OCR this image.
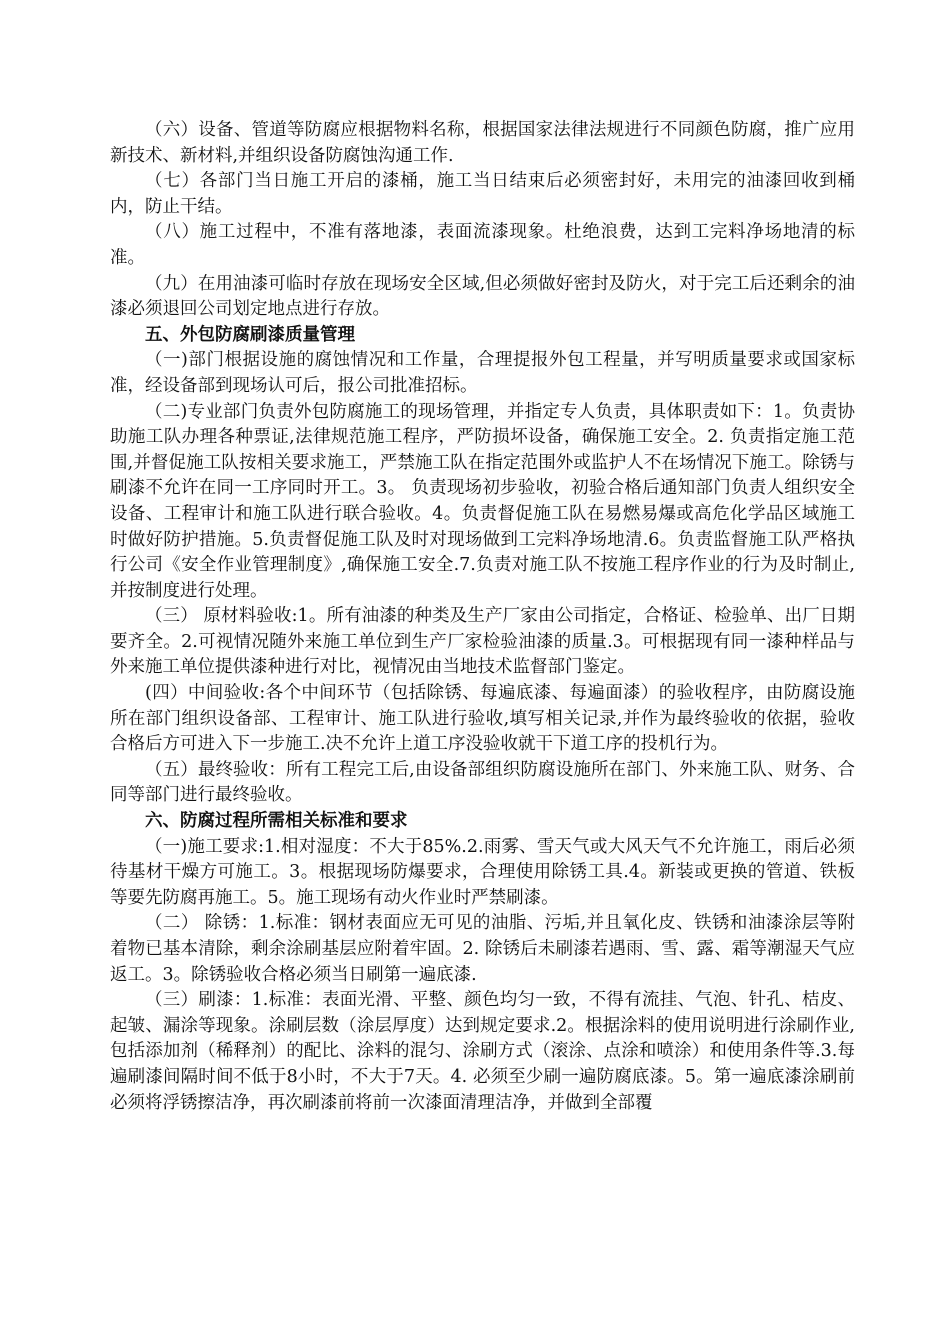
（六）设备、管道等防腐应根据物料名称，根据国家法律法规进行不同颜色防腐，推广应用新技术、新材料,并组织设备防腐蚀沟通工作.

（七）各部门当日施工开启的漆桶，施工当日结束后必须密封好，未用完的油漆回收到桶内，防止干结。

（八）施工过程中，不准有落地漆，表面流漆现象。杜绝浪费，达到工完料净场地清的标准。

（九）在用油漆可临时存放在现场安全区域,但必须做好密封及防火，对于完工后还剩余的油漆必须退回公司划定地点进行存放。

五、外包防腐刷漆质量管理

（一)部门根据设施的腐蚀情况和工作量，合理提报外包工程量，并写明质量要求或国家标准，经设备部到现场认可后，报公司批准招标。

（二)专业部门负责外包防腐施工的现场管理，并指定专人负责，具体职责如下：1。负责协助施工队办理各种票证,法律规范施工程序，严防损坏设备，确保施工安全。2. 负责指定施工范围,并督促施工队按相关要求施工，严禁施工队在指定范围外或监护人不在场情况下施工。除锈与刷漆不允许在同一工序同时开工。3。 负责现场初步验收，初验合格后通知部门负责人组织安全设备、工程审计和施工队进行联合验收。4。负责督促施工队在易燃易爆或高危化学品区域施工时做好防护措施。5.负责督促施工队及时对现场做到工完料净场地清.6。负责监督施工队严格执行公司《安全作业管理制度》,确保施工安全.7.负责对施工队不按施工程序作业的行为及时制止,并按制度进行处理。

（三） 原材料验收:1。所有油漆的种类及生产厂家由公司指定，合格证、检验单、出厂日期要齐全。2.可视情况随外来施工单位到生产厂家检验油漆的质量.3。可根据现有同一漆种样品与外来施工单位提供漆种进行对比，视情况由当地技术监督部门鉴定。

(四）中间验收:各个中间环节（包括除锈、每遍底漆、每遍面漆）的验收程序，由防腐设施所在部门组织设备部、工程审计、施工队进行验收,填写相关记录,并作为最终验收的依据，验收合格后方可进入下一步施工.决不允许上道工序没验收就干下道工序的投机行为。

（五）最终验收：所有工程完工后,由设备部组织防腐设施所在部门、外来施工队、财务、合同等部门进行最终验收。

六、防腐过程所需相关标准和要求

（一)施工要求:1.相对湿度：不大于85%.2.雨雾、雪天气或大风天气不允许施工，雨后必须待基材干燥方可施工。3。根据现场防爆要求，合理使用除锈工具.4。新装或更换的管道、铁板等要先防腐再施工。5。施工现场有动火作业时严禁刷漆。

（二） 除锈：1.标准：钢材表面应无可见的油脂、污垢,并且氧化皮、铁锈和油漆涂层等附着物已基本清除，剩余涂刷基层应附着牢固。2. 除锈后未刷漆若遇雨、雪、露、霜等潮湿天气应返工。3。除锈验收合格必须当日刷第一遍底漆.

（三）刷漆：1.标准：表面光滑、平整、颜色均匀一致，不得有流挂、气泡、针孔、桔皮、起皱、漏涂等现象。涂刷层数（涂层厚度）达到规定要求.2。根据涂料的使用说明进行涂刷作业,包括添加剂（稀释剂）的配比、涂料的混匀、涂刷方式（滚涂、点涂和喷涂）和使用条件等.3.每遍刷漆间隔时间不低于8小时，不大于7天。4. 必须至少刷一遍防腐底漆。5。第一遍底漆涂刷前必须将浮锈擦洁净，再次刷漆前将前一次漆面清理洁净，并做到全部覆
